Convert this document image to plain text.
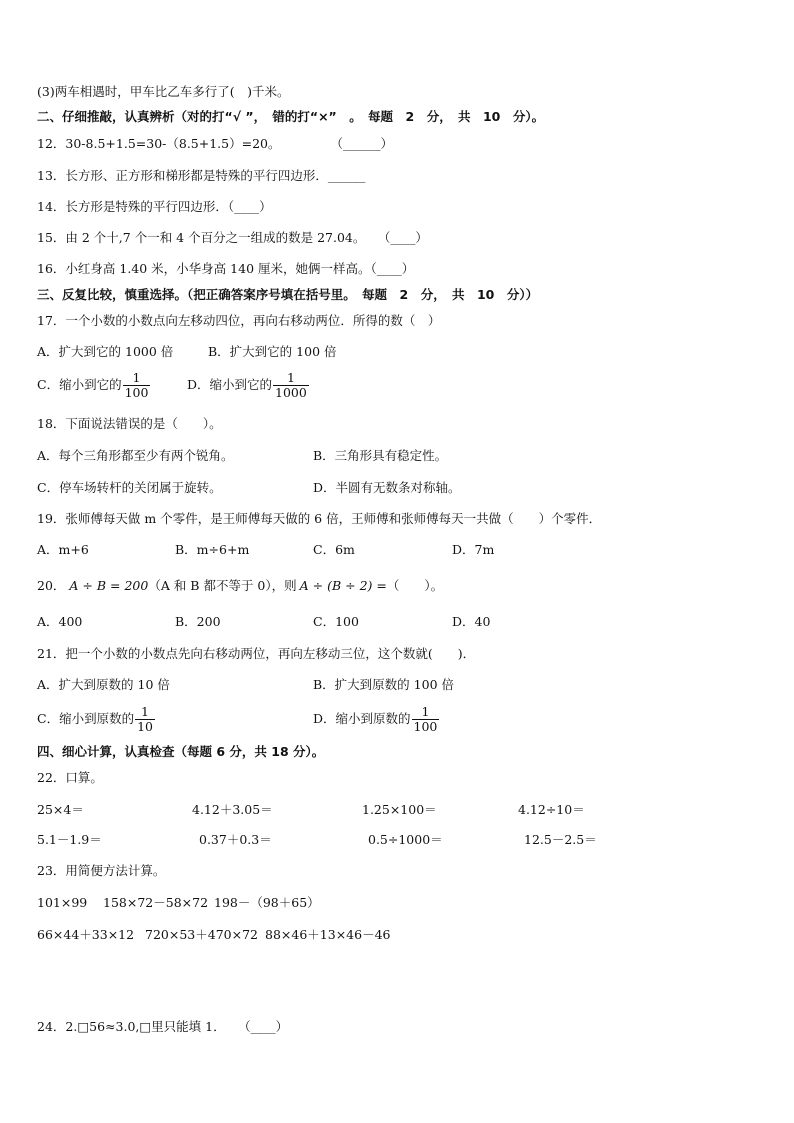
(3)两车相遇时，甲车比乙车多行了(　)千米。
二、仔细推敲，认真辨析（对的打“√ ”，　错的打“×”　。　每题　2　分，　共　10　分）。
12．30-8.5+1.5=30-（8.5+1.5）=20。　　　　　（______）
13．长方形、正方形和梯形都是特殊的平行四边形．______
14．长方形是特殊的平行四边形．（____）
15．由 2 个十,7 个一和 4 个百分之一组成的数是 27.04。　　（____）
16．小红身高 1.40 米，小华身高 140 厘米，她俩一样高。（____）
三、反复比较，慎重选择。（把正确答案序号填在括号里。　每题　2　分，　共　10　分））
17．一个小数的小数点向左移动四位，再向右移动两位．所得的数（　）
A．扩大到它的 1000 倍	B．扩大到它的 100 倍
C．缩小到它的 $\frac{1}{100}$	D．缩小到它的 $\frac{1}{1000}$
18．下面说法错误的是（　　）。
A．每个三角形都至少有两个锐角。	B．三角形具有稳定性。
C．停车场转杆的关闭属于旋转。	D．半圆有无数条对称轴。
19．张师傅每天做 m 个零件，是王师傅每天做的 6 倍，王师傅和张师傅每天一共做（　　）个零件．
A．m+6	B．m÷6+m	C．6m	D．7m
20． A ÷ B = 200（A 和 B 都不等于 0），则 A ÷ (B ÷ 2) =（　　）。
A．400	B．200	C．100	D．40
21．把一个小数的小数点先向右移动两位，再向左移动三位，这个数就(　　)．
A．扩大到原数的 10 倍	B．扩大到原数的 100 倍
C．缩小到原数的 $\frac{1}{10}$	D．缩小到原数的 $\frac{1}{100}$
四、细心计算，认真检查（每题 6 分，共 18 分）。
22．口算。
25×4＝	4.12＋3.05＝	1.25×100＝	4.12÷10＝
5.1－1.9＝	0.37＋0.3＝	0.5÷1000＝	12.5－2.5＝
23．用简便方法计算。
101×99 158×72－58×72 198－（98＋65）
66×44＋33×12 720×53＋470×72 88×46＋13×46－46
24．2.□56≈3.0,□里只能填 1．　　（____）
